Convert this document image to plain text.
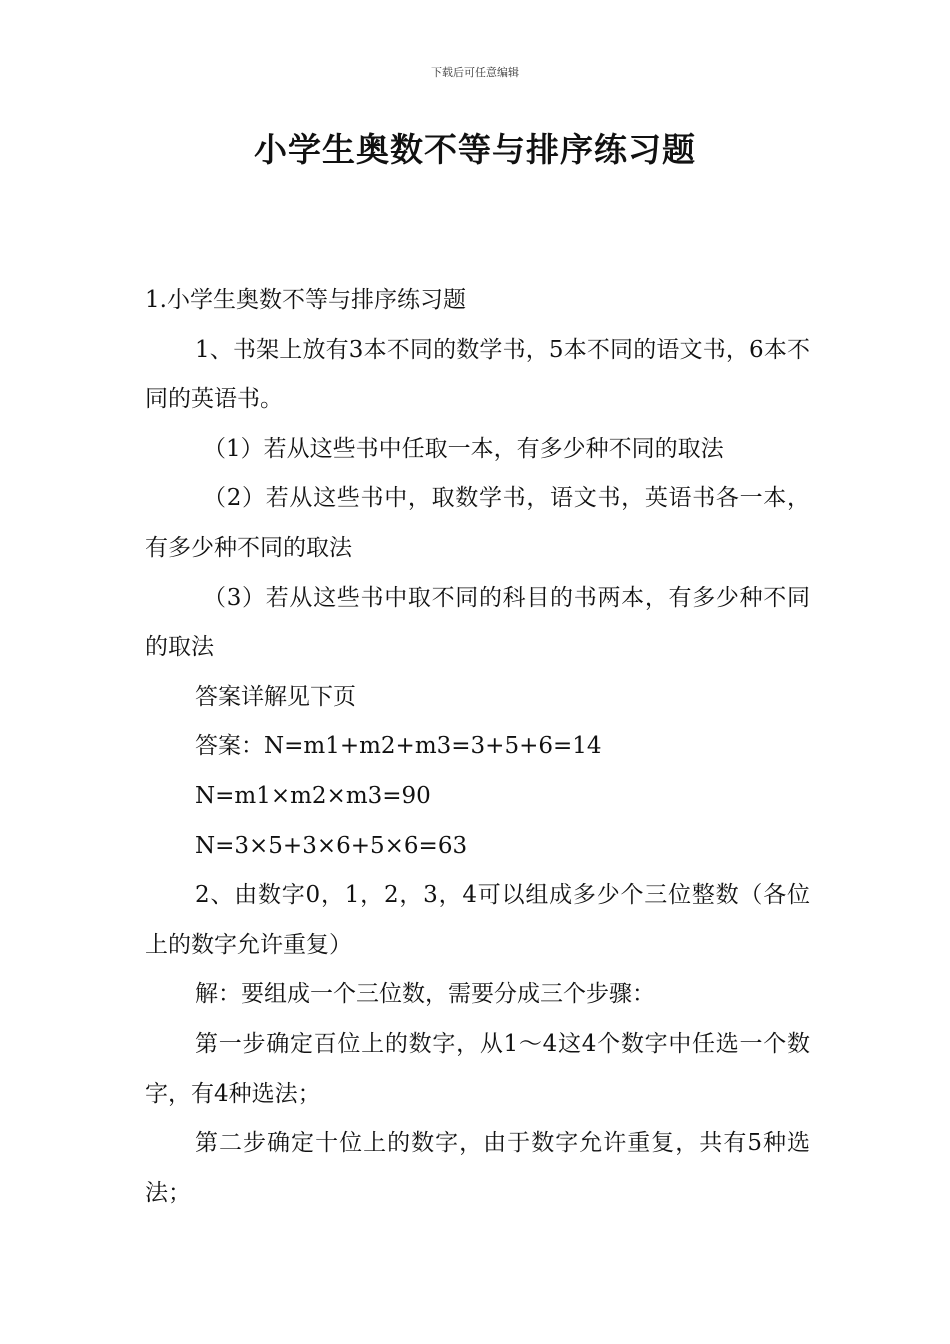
下载后可任意编辑
小学生奥数不等与排序练习题

1.小学生奥数不等与排序练习题

1、书架上放有3本不同的数学书，5本不同的语文书，6本不同的英语书。

（1）若从这些书中任取一本，有多少种不同的取法

（2）若从这些书中，取数学书，语文书，英语书各一本，有多少种不同的取法

（3）若从这些书中取不同的科目的书两本，有多少种不同的取法

答案详解见下页

答案：N=m1+m2+m3=3+5+6=14

N=m1×m2×m3=90

N=3×5+3×6+5×6=63

2、由数字0，1，2，3，4可以组成多少个三位整数（各位上的数字允许重复）

解：要组成一个三位数，需要分成三个步骤：

第一步确定百位上的数字，从1～4这4个数字中任选一个数字，有4种选法；

第二步确定十位上的数字，由于数字允许重复，共有5种选法；
